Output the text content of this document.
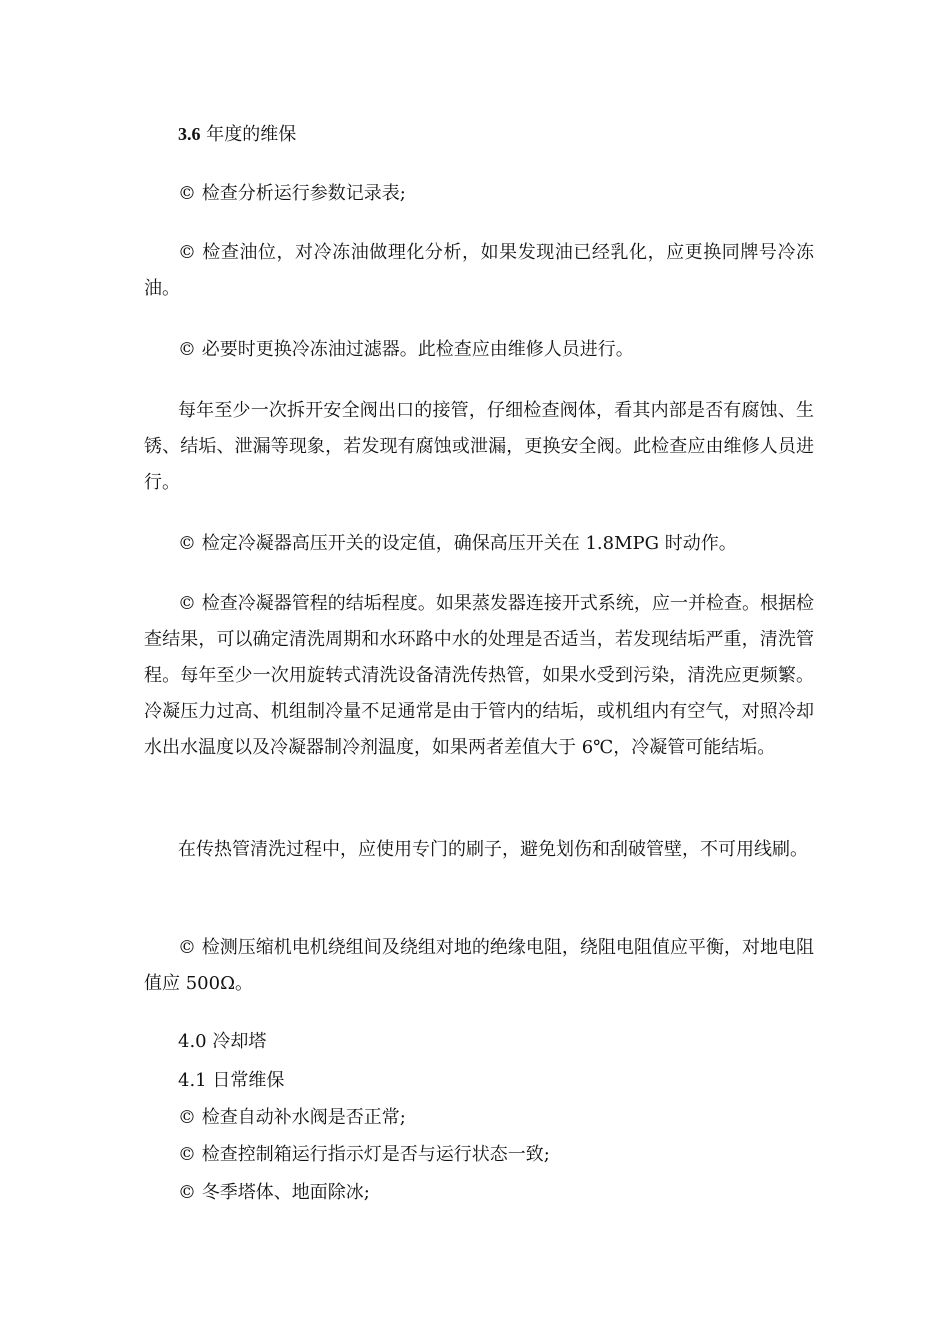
3.6 年度的维保

© 检查分析运行参数记录表;

© 检查油位，对冷冻油做理化分析，如果发现油已经乳化，应更换同牌号冷冻油。

© 必要时更换冷冻油过滤器。此检查应由维修人员进行。

每年至少一次拆开安全阀出口的接管，仔细检查阀体，看其内部是否有腐蚀、生锈、结垢、泄漏等现象，若发现有腐蚀或泄漏，更换安全阀。此检查应由维修人员进行。

© 检定冷凝器高压开关的设定值，确保高压开关在 1.8MPG 时动作。

© 检查冷凝器管程的结垢程度。如果蒸发器连接开式系统，应一并检查。根据检查结果，可以确定清洗周期和水环路中水的处理是否适当，若发现结垢严重，清洗管程。每年至少一次用旋转式清洗设备清洗传热管，如果水受到污染，清洗应更频繁。冷凝压力过高、机组制冷量不足通常是由于管内的结垢，或机组内有空气，对照冷却水出水温度以及冷凝器制冷剂温度，如果两者差值大于 6℃，冷凝管可能结垢。

在传热管清洗过程中，应使用专门的刷子，避免划伤和刮破管壁，不可用线刷。

© 检测压缩机电机绕组间及绕组对地的绝缘电阻，绕阻电阻值应平衡，对地电阻值应 500Ω。

4.0 冷却塔

4.1 日常维保

© 检查自动补水阀是否正常;

© 检查控制箱运行指示灯是否与运行状态一致;

© 冬季塔体、地面除冰;
